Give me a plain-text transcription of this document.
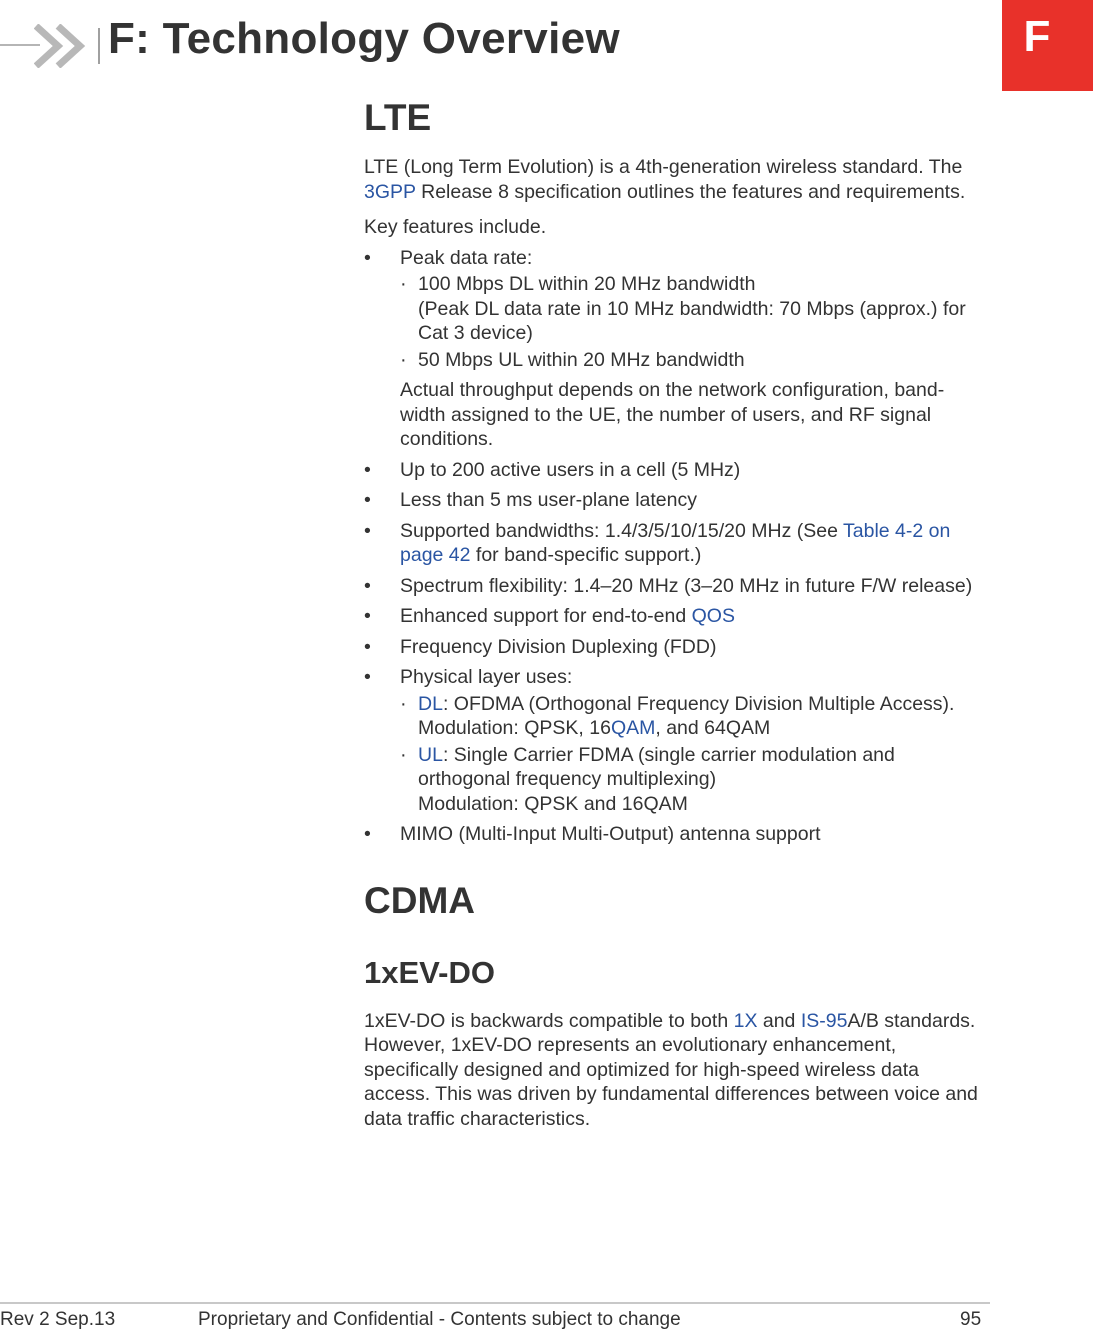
F: Technology Overview	F
LTE

LTE (Long Term Evolution) is a 4th-generation wireless standard. The 3GPP Release 8 specification outlines the features and requirements.

Key features include.

• Peak data rate:
· 100 Mbps DL within 20 MHz bandwidth
(Peak DL data rate in 10 MHz bandwidth: 70 Mbps (approx.) for Cat 3 device)
· 50 Mbps UL within 20 MHz bandwidth
Actual throughput depends on the network configuration, band-width assigned to the UE, the number of users, and RF signal conditions.
• Up to 200 active users in a cell (5 MHz)
• Less than 5 ms user-plane latency
• Supported bandwidths: 1.4/3/5/10/15/20 MHz (See Table 4-2 on page 42 for band-specific support.)
• Spectrum flexibility: 1.4–20 MHz (3–20 MHz in future F/W release)
• Enhanced support for end-to-end QOS
• Frequency Division Duplexing (FDD)
• Physical layer uses:
· DL: OFDMA (Orthogonal Frequency Division Multiple Access).
Modulation: QPSK, 16QAM, and 64QAM
· UL: Single Carrier FDMA (single carrier modulation and orthogonal frequency multiplexing)
Modulation: QPSK and 16QAM
• MIMO (Multi-Input Multi-Output) antenna support
CDMA
1xEV-DO

1xEV-DO is backwards compatible to both 1X and IS-95A/B standards. However, 1xEV-DO represents an evolutionary enhancement, specifically designed and optimized for high-speed wireless data access. This was driven by fundamental differences between voice and data traffic characteristics.

Rev 2 Sep.13	Proprietary and Confidential - Contents subject to change	95
